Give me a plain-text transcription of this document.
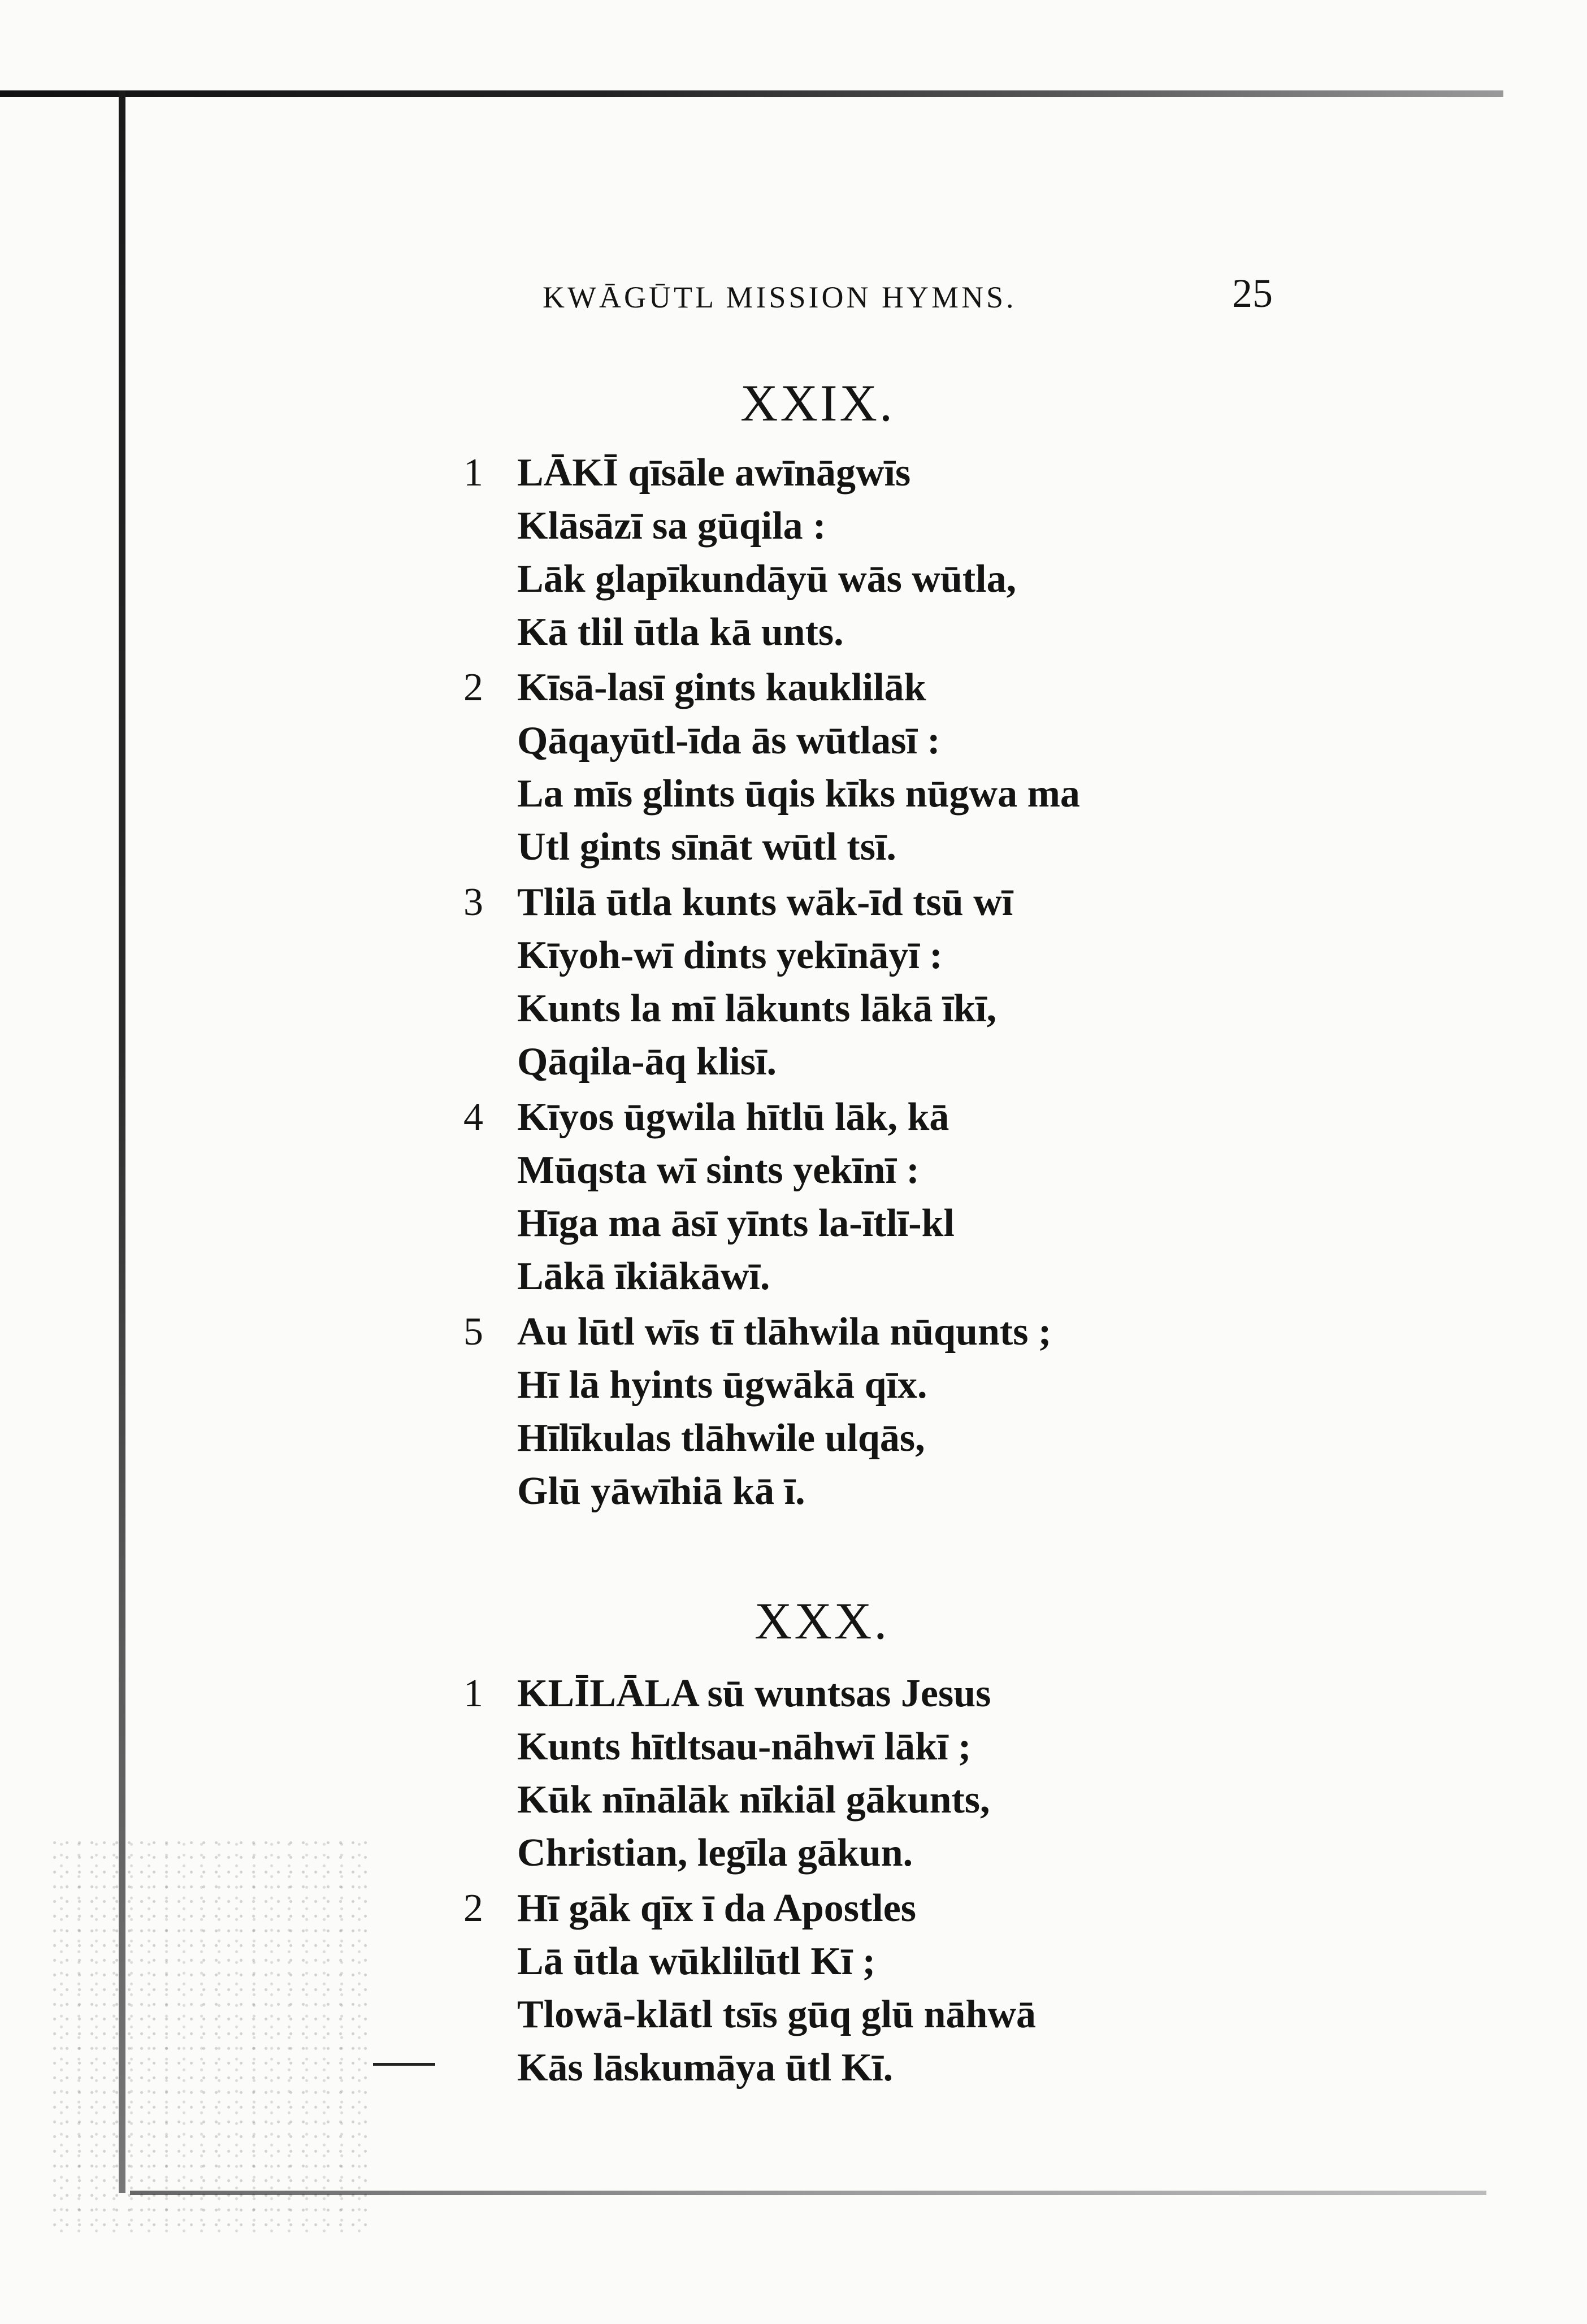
KWĀGŪTL MISSION HYMNS.	25
XXIX.
1 LĀKĪ qīsāle awīnāgwīs
Klāsāzī sa gūqila :
Lāk glapīkundāyū wās wūtla,
Kā tlil ūtla kā unts.
2 Kīsā-lasī gints kauklilāk
Qāqayūtl-īda ās wūtlasī :
La mīs glints ūqis kīks nūgwa ma
Utl gints sīnāt wūtl tsī.
3 Tlilā ūtla kunts wāk-īd tsū wī
Kīyoh-wī dints yekīnāyī :
Kunts la mī lākunts lākā īkī,
Qāqila-āq klisī.
4 Kīyos ūgwila hītlū lāk, kā
Mūqsta wī sints yekīnī :
Hīga ma āsī yīnts la-ītlī-kl
Lākā īkiākāwī.
5 Au lūtl wīs tī tlāhwila nūqunts ;
Hī lā hyints ūgwākā qīx.
Hīlīkulas tlāhwile ulqās,
Glū yāwīhiā kā ī.
XXX.
1 KLĪLĀLA sū wuntsas Jesus
Kunts hītltsau-nāhwī lākī ;
Kūk nīnālāk nīkiāl gākunts,
Christian, legīla gākun.
2 Hī gāk qīx ī da Apostles
Lā ūtla wūklilūtl Kī ;
Tlowā-klātl tsīs gūq glū nāhwā
Kās lāskumāya ūtl Kī.
